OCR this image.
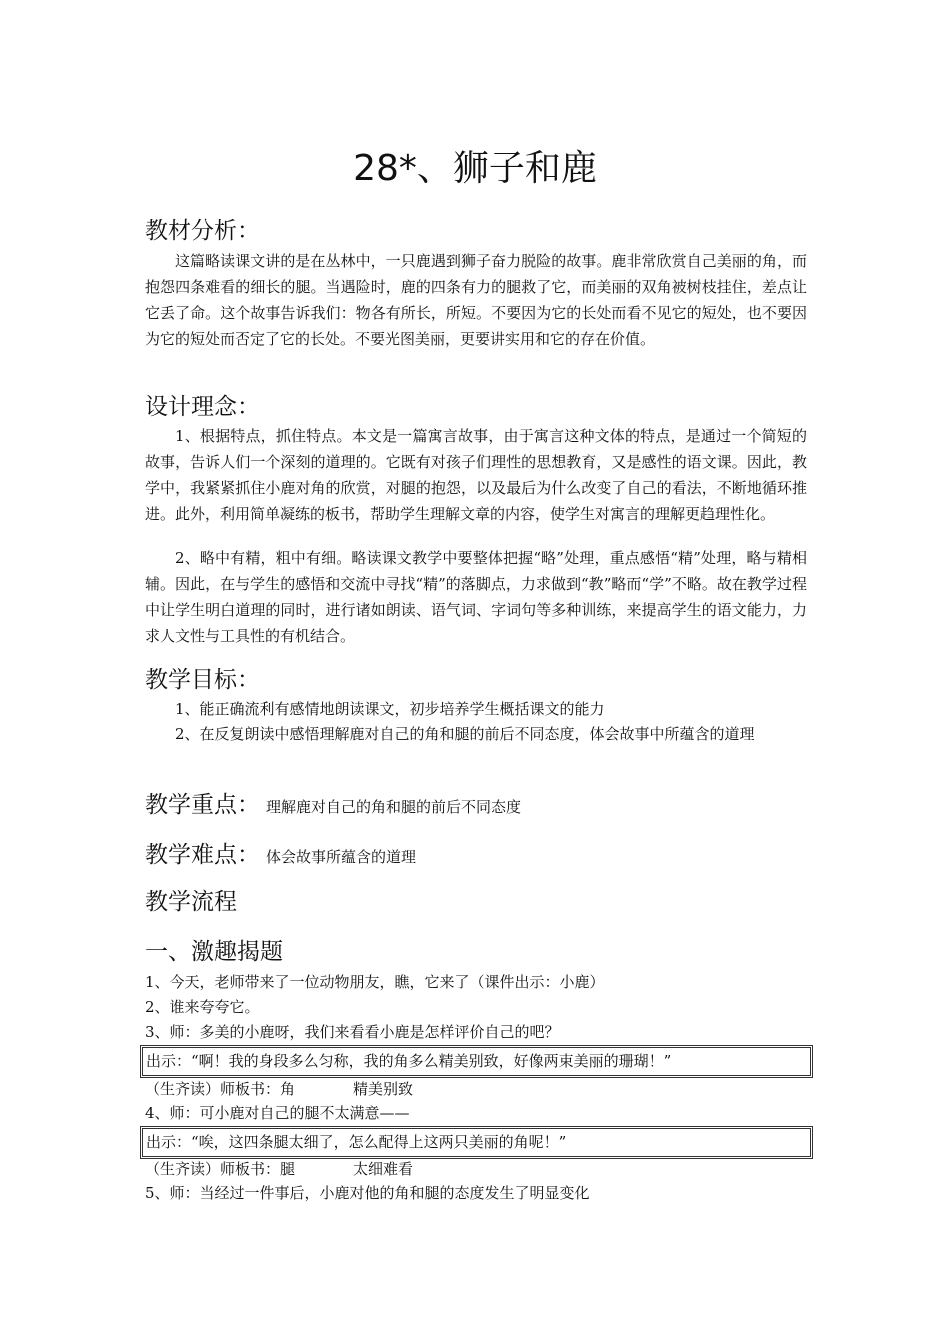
28*、狮子和鹿
教材分析：

这篇略读课文讲的是在丛林中，一只鹿遇到狮子奋力脱险的故事。鹿非常欣赏自己美丽的角，而抱怨四条难看的细长的腿。当遇险时，鹿的四条有力的腿救了它，而美丽的双角被树枝挂住，差点让它丢了命。这个故事告诉我们：物各有所长，所短。不要因为它的长处而看不见它的短处，也不要因为它的短处而否定了它的长处。不要光图美丽，更要讲实用和它的存在价值。

设计理念：

1、根据特点，抓住特点。本文是一篇寓言故事，由于寓言这种文体的特点，是通过一个简短的故事，告诉人们一个深刻的道理的。它既有对孩子们理性的思想教育，又是感性的语文课。因此，教学中，我紧紧抓住小鹿对角的欣赏，对腿的抱怨，以及最后为什么改变了自己的看法，不断地循环推进。此外，利用简单凝练的板书，帮助学生理解文章的内容，使学生对寓言的理解更趋理性化。

2、略中有精，粗中有细。略读课文教学中要整体把握“略”处理，重点感悟“精”处理，略与精相辅。因此，在与学生的感悟和交流中寻找“精”的落脚点，力求做到“教”略而“学”不略。故在教学过程中让学生明白道理的同时，进行诸如朗读、语气词、字词句等多种训练，来提高学生的语文能力，力求人文性与工具性的有机结合。

教学目标：

1、能正确流利有感情地朗读课文，初步培养学生概括课文的能力

2、在反复朗读中感悟理解鹿对自己的角和腿的前后不同态度，体会故事中所蕴含的道理

教学重点： 理解鹿对自己的角和腿的前后不同态度
教学难点： 体会故事所蕴含的道理
教学流程
一、激趣揭题
1、今天，老师带来了一位动物朋友，瞧，它来了（课件出示：小鹿）
2、谁来夸夸它。
3、师：多美的小鹿呀，我们来看看小鹿是怎样评价自己的吧？
出示：“啊！我的身段多么匀称，我的角多么精美别致，好像两束美丽的珊瑚！”
（生齐读）师板书：角	精美别致
4、师：可小鹿对自己的腿不太满意——
出示：“唉，这四条腿太细了，怎么配得上这两只美丽的角呢！”
（生齐读）师板书：腿	太细难看
5、师：当经过一件事后，小鹿对他的角和腿的态度发生了明显变化
